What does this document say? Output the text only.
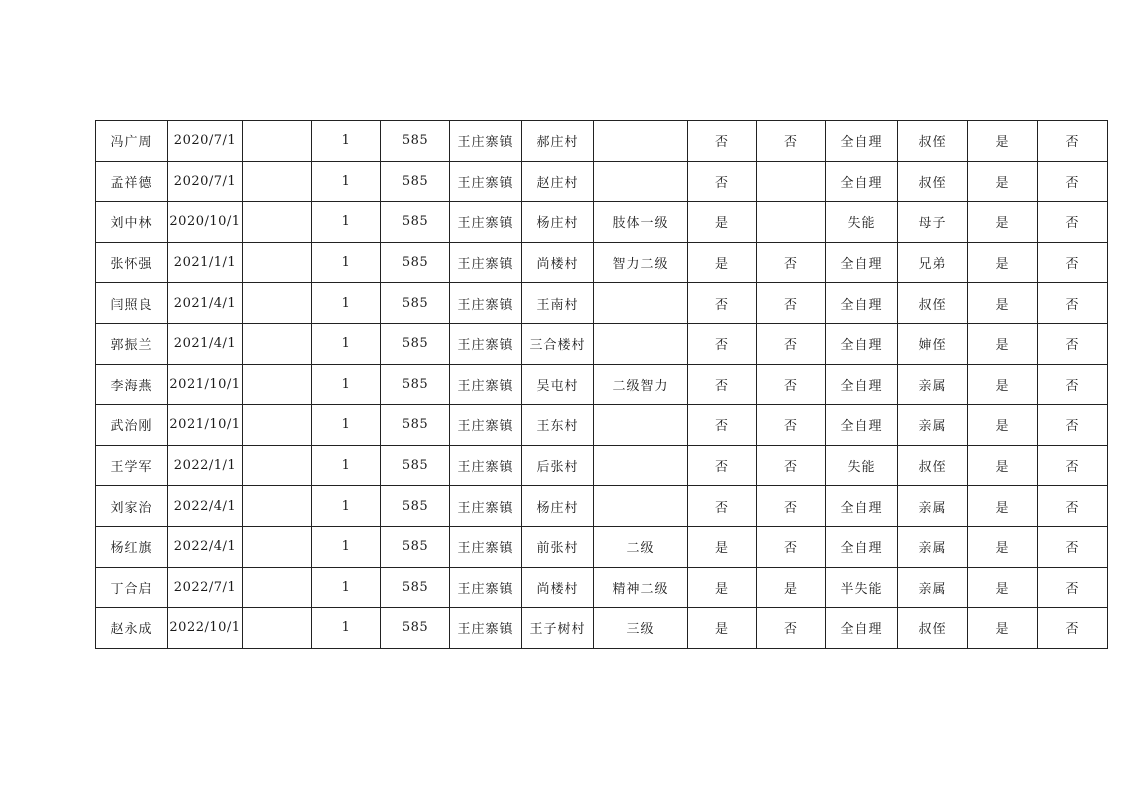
冯广周	2020/7/1		1	585	王庄寨镇	郝庄村		否	否	全自理	叔侄	是	否
孟祥德	2020/7/1		1	585	王庄寨镇	赵庄村		否		全自理	叔侄	是	否
刘中林	2020/10/1		1	585	王庄寨镇	杨庄村	肢体一级	是		失能	母子	是	否
张怀强	2021/1/1		1	585	王庄寨镇	尚楼村	智力二级	是	否	全自理	兄弟	是	否
闫照良	2021/4/1		1	585	王庄寨镇	王南村		否	否	全自理	叔侄	是	否
郭振兰	2021/4/1		1	585	王庄寨镇	三合楼村		否	否	全自理	婶侄	是	否
李海燕	2021/10/1		1	585	王庄寨镇	吴屯村	二级智力	否	否	全自理	亲属	是	否
武治刚	2021/10/1		1	585	王庄寨镇	王东村		否	否	全自理	亲属	是	否
王学军	2022/1/1		1	585	王庄寨镇	后张村		否	否	失能	叔侄	是	否
刘家治	2022/4/1		1	585	王庄寨镇	杨庄村		否	否	全自理	亲属	是	否
杨红旗	2022/4/1		1	585	王庄寨镇	前张村	二级	是	否	全自理	亲属	是	否
丁合启	2022/7/1		1	585	王庄寨镇	尚楼村	精神二级	是	是	半失能	亲属	是	否
赵永成	2022/10/1		1	585	王庄寨镇	王子树村	三级	是	否	全自理	叔侄	是	否
